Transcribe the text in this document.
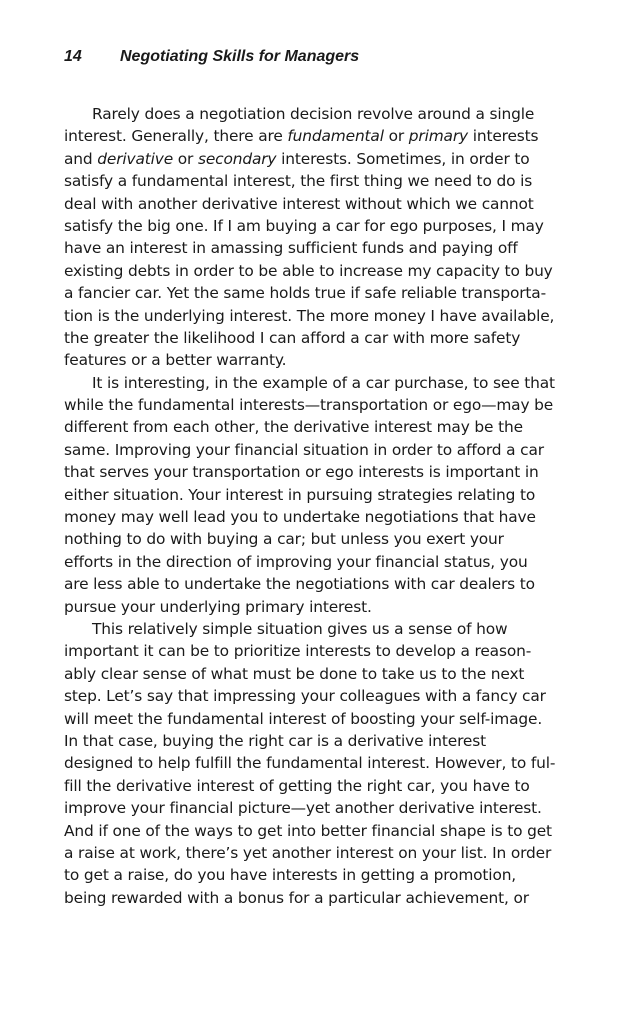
14 Negotiating Skills for Managers
Rarely does a negotiation decision revolve around a single
interest. Generally, there are fundamental or primary interests
and derivative or secondary interests. Sometimes, in order to
satisfy a fundamental interest, the first thing we need to do is
deal with another derivative interest without which we cannot
satisfy the big one. If I am buying a car for ego purposes, I may
have an interest in amassing sufficient funds and paying off
existing debts in order to be able to increase my capacity to buy
a fancier car. Yet the same holds true if safe reliable transporta-
tion is the underlying interest. The more money I have available,
the greater the likelihood I can afford a car with more safety
features or a better warranty.
It is interesting, in the example of a car purchase, to see that
while the fundamental interests—transportation or ego—may be
different from each other, the derivative interest may be the
same. Improving your financial situation in order to afford a car
that serves your transportation or ego interests is important in
either situation. Your interest in pursuing strategies relating to
money may well lead you to undertake negotiations that have
nothing to do with buying a car; but unless you exert your
efforts in the direction of improving your financial status, you
are less able to undertake the negotiations with car dealers to
pursue your underlying primary interest.
This relatively simple situation gives us a sense of how
important it can be to prioritize interests to develop a reason-
ably clear sense of what must be done to take us to the next
step. Let’s say that impressing your colleagues with a fancy car
will meet the fundamental interest of boosting your self-image.
In that case, buying the right car is a derivative interest
designed to help fulfill the fundamental interest. However, to ful-
fill the derivative interest of getting the right car, you have to
improve your financial picture—yet another derivative interest.
And if one of the ways to get into better financial shape is to get
a raise at work, there’s yet another interest on your list. In order
to get a raise, do you have interests in getting a promotion,
being rewarded with a bonus for a particular achievement, or
